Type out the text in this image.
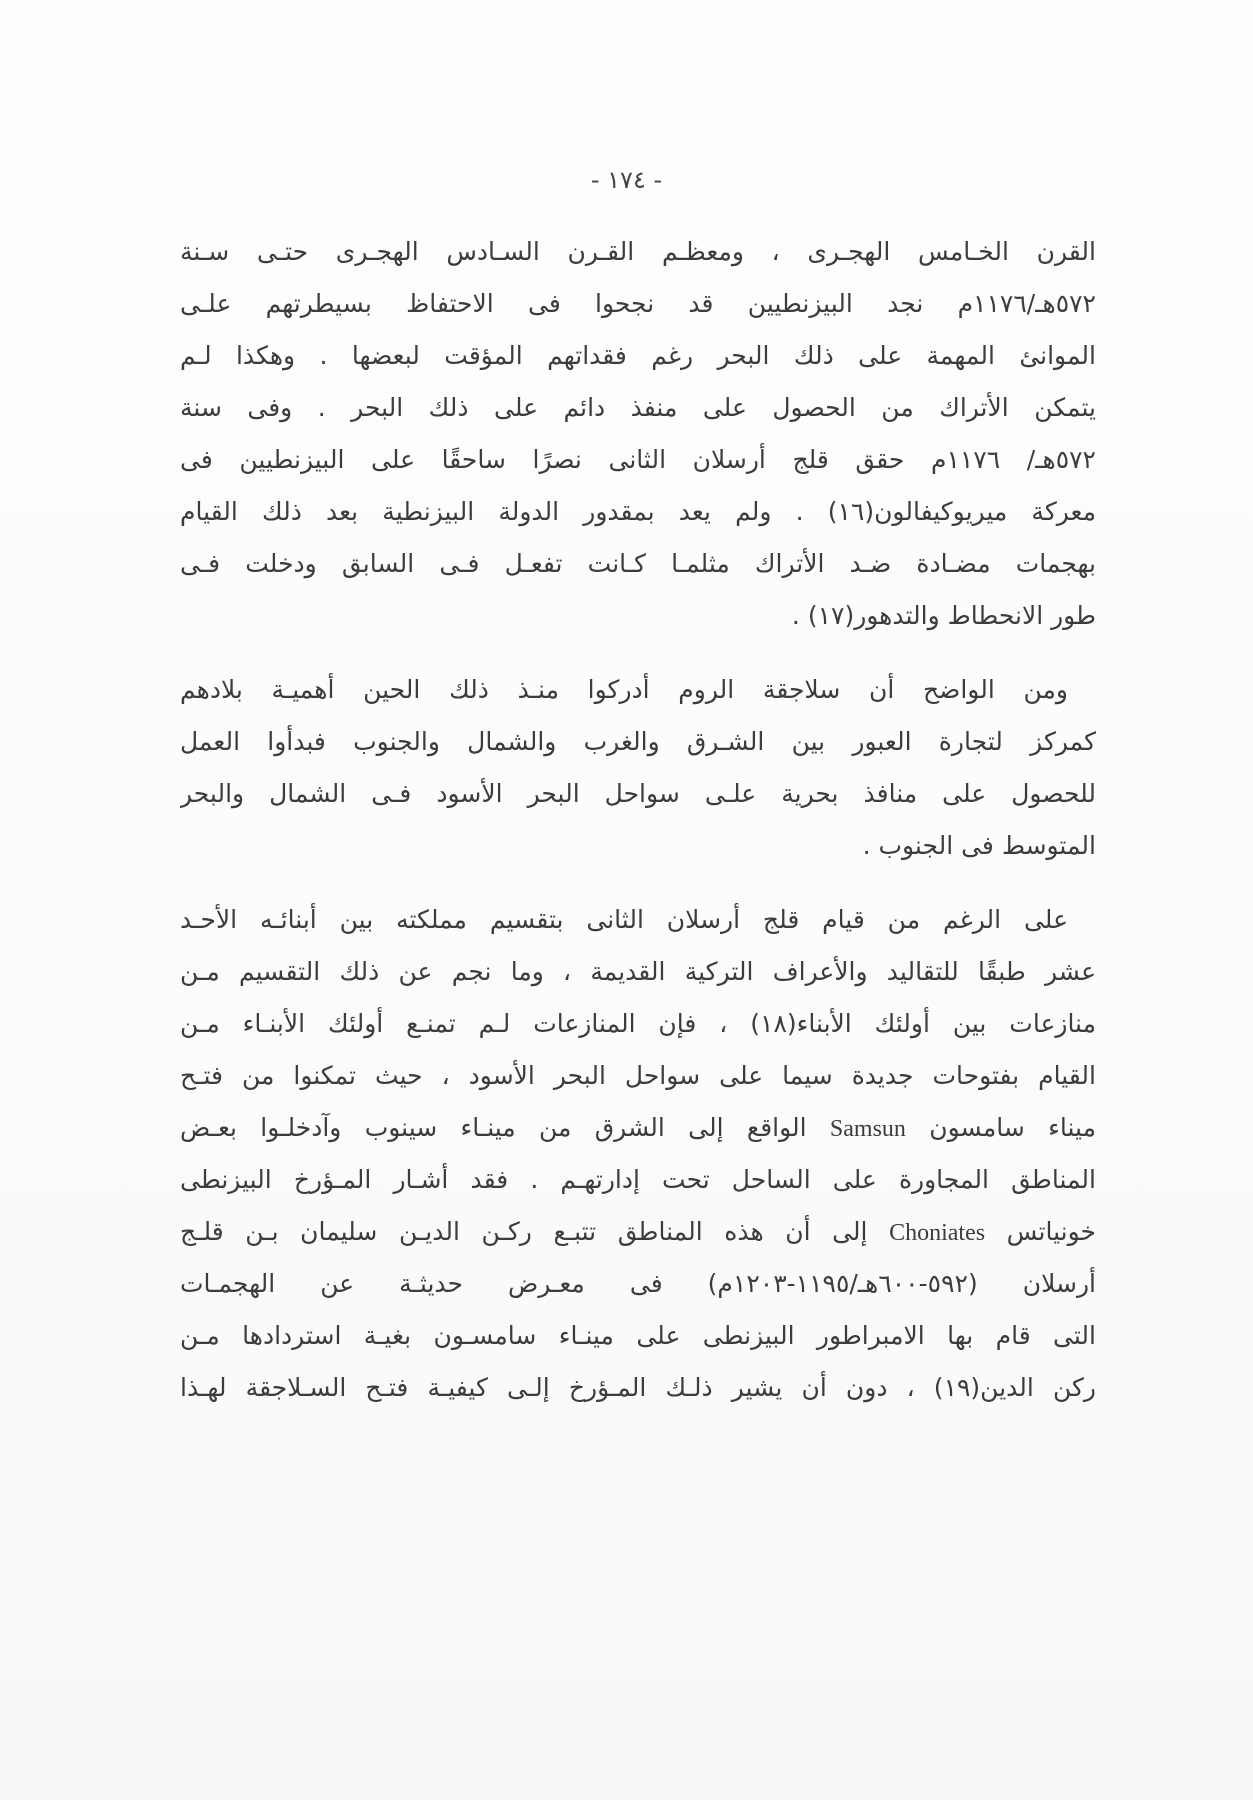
- ١٧٤ -
القرن الخـامس الهجـرى ، ومعظـم القـرن السـادس الهجـرى حتـى سـنة
٥٧٢هـ/١١٧٦م نجد البيزنطيين قد نجحوا فى الاحتفاظ بسيطرتهم علـى
الموانئ المهمة على ذلك البحر رغم فقداتهم المؤقت لبعضها . وهكذا لـم
يتمكن الأتراك من الحصول على منفذ دائم على ذلك البحر . وفى سنة
٥٧٢هـ/ ١١٧٦م حقق قلج أرسلان الثانى نصرًا ساحقًا على البيزنطيين فى
معركة ميريوكيفالون(١٦) . ولم يعد بمقدور الدولة البيزنطية بعد ذلك القيام
بهجمات مضـادة ضـد الأتراك مثلمـا كـانت تفعـل فـى السابق ودخلت فـى
طور الانحطاط والتدهور(١٧) .
ومن الواضح أن سلاجقة الروم أدركوا منـذ ذلك الحين أهميـة بلادهم
كمركز لتجارة العبور بين الشـرق والغرب والشمال والجنوب فبدأوا العمل
للحصول على منافذ بحرية علـى سواحل البحر الأسود فـى الشمال والبحر
المتوسط فى الجنوب .
على الرغم من قيام قلج أرسلان الثانى بتقسيم مملكته بين أبنائـه الأحـد
عشر طبقًا للتقاليد والأعراف التركية القديمة ، وما نجم عن ذلك التقسيم مـن
منازعات بين أولئك الأبناء(١٨) ، فإن المنازعات لـم تمنـع أولئك الأبنـاء مـن
القيام بفتوحات جديدة سيما على سواحل البحر الأسود ، حيث تمكنوا من فتـح
ميناء سامسون Samsun الواقع إلى الشرق من مينـاء سينوب وآدخلـوا بعـض
المناطق المجاورة على الساحل تحت إدارتهـم . فقد أشـار المـؤرخ البيزنطى
خونياتس Choniates إلى أن هذه المناطق تتبـع ركـن الديـن سليمان بـن قلـج
أرسلان (٥٩٢-٦٠٠هـ/١١٩٥-١٢٠٣م) فى معـرض حديثـة عن الهجمـات
التى قام بها الامبراطور البيزنطى على مينـاء سامسـون بغيـة استردادها مـن
ركن الدين(١٩) ، دون أن يشير ذلـك المـؤرخ إلـى كيفيـة فتـح السـلاجقة لهـذا
